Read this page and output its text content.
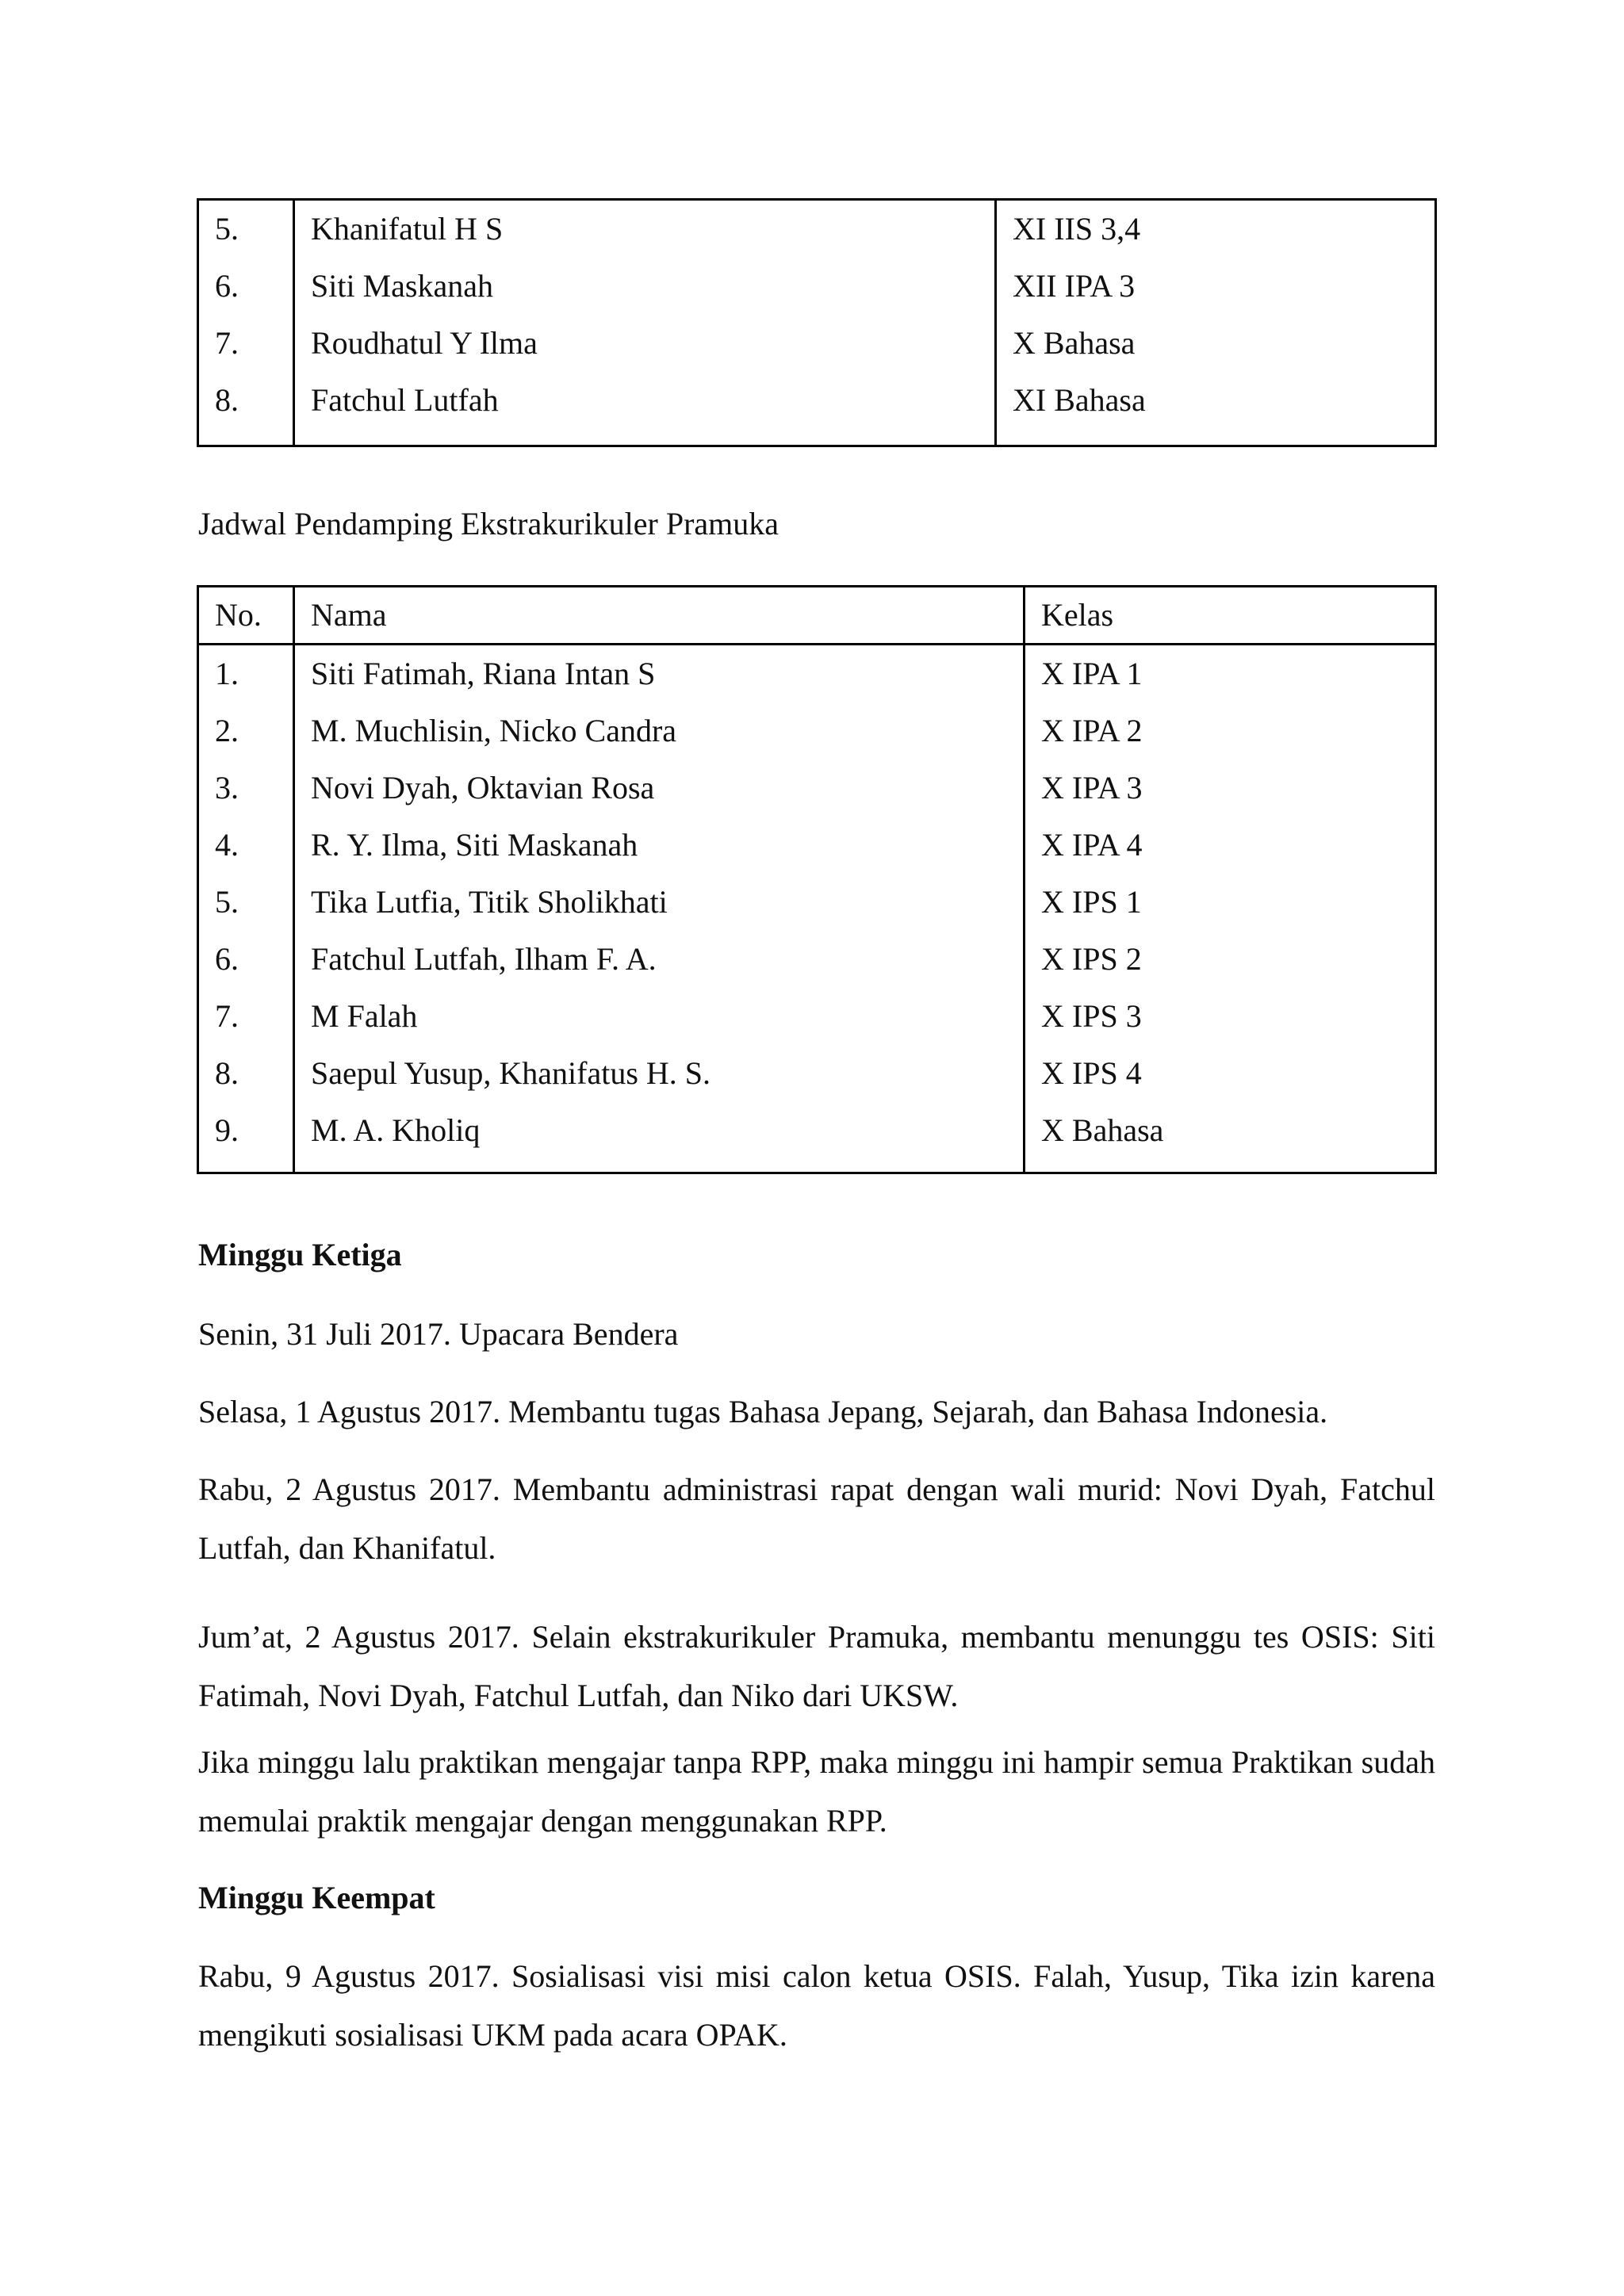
5.	Khanifatul H S	XI IIS 3,4
6.	Siti Maskanah	XII IPA 3
7.	Roudhatul Y Ilma	X Bahasa
8.	Fatchul Lutfah	XI Bahasa
Jadwal Pendamping Ekstrakurikuler Pramuka
No.	Nama	Kelas
1.	Siti Fatimah, Riana Intan S	X IPA 1
2.	M. Muchlisin, Nicko Candra	X IPA 2
3.	Novi Dyah, Oktavian Rosa	X IPA 3
4.	R. Y. Ilma, Siti Maskanah	X IPA 4
5.	Tika Lutfia, Titik Sholikhati	X IPS 1
6.	Fatchul Lutfah, Ilham F. A.	X IPS 2
7.	M Falah	X IPS 3
8.	Saepul Yusup, Khanifatus H. S.	X IPS 4
9.	M. A. Kholiq	X Bahasa
Minggu Ketiga

Senin, 31 Juli 2017. Upacara Bendera

Selasa, 1 Agustus 2017. Membantu tugas Bahasa Jepang, Sejarah, dan Bahasa Indonesia.

Rabu, 2 Agustus 2017. Membantu administrasi rapat dengan wali murid: Novi Dyah, Fatchul Lutfah, dan Khanifatul.

Jum’at, 2 Agustus 2017. Selain ekstrakurikuler Pramuka, membantu menunggu tes OSIS: Siti Fatimah, Novi Dyah, Fatchul Lutfah, dan Niko dari UKSW.

Jika minggu lalu praktikan mengajar tanpa RPP, maka minggu ini hampir semua Praktikan sudah memulai praktik mengajar dengan menggunakan RPP.

Minggu Keempat

Rabu, 9 Agustus 2017. Sosialisasi visi misi calon ketua OSIS. Falah, Yusup, Tika izin karena mengikuti sosialisasi UKM pada acara OPAK.
